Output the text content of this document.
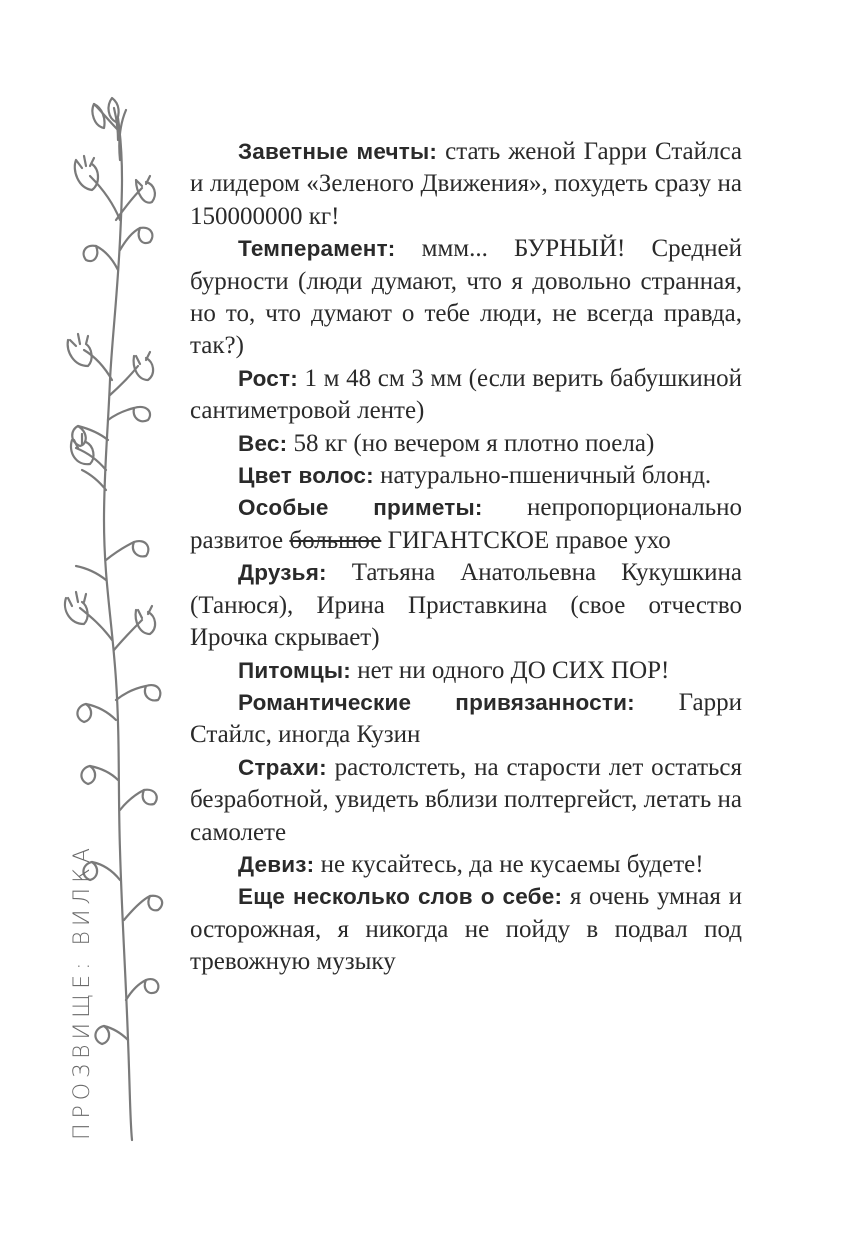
ПРОЗВИЩЕ: ВИЛКА

Заветные мечты: стать женой Гарри Стайлса и лидером «Зеленого Движения», похудеть сразу на 150000000 кг!

Темперамент: ммм... БУРНЫЙ! Средней бурности (люди думают, что я довольно странная, но то, что думают о тебе люди, не всегда правда, так?)

Рост: 1 м 48 см 3 мм (если верить бабушкиной сантиметровой ленте)

Вес: 58 кг (но вечером я плотно поела)

Цвет волос: натурально-пшеничный блонд.

Особые приметы: непропорционально развитое большое ГИГАНТСКОЕ правое ухо

Друзья: Татьяна Анатольевна Кукушкина (Танюся), Ирина Приставкина (свое отчество Ирочка скрывает)

Питомцы: нет ни одного ДО СИХ ПОР!

Романтические привязанности: Гарри Стайлс, иногда Кузин

Страхи: растолстеть, на старости лет остаться безработной, увидеть вблизи полтергейст, летать на самолете

Девиз: не кусайтесь, да не кусаемы будете!

Еще несколько слов о себе: я очень умная и осторожная, я никогда не пойду в подвал под тревожную музыку
